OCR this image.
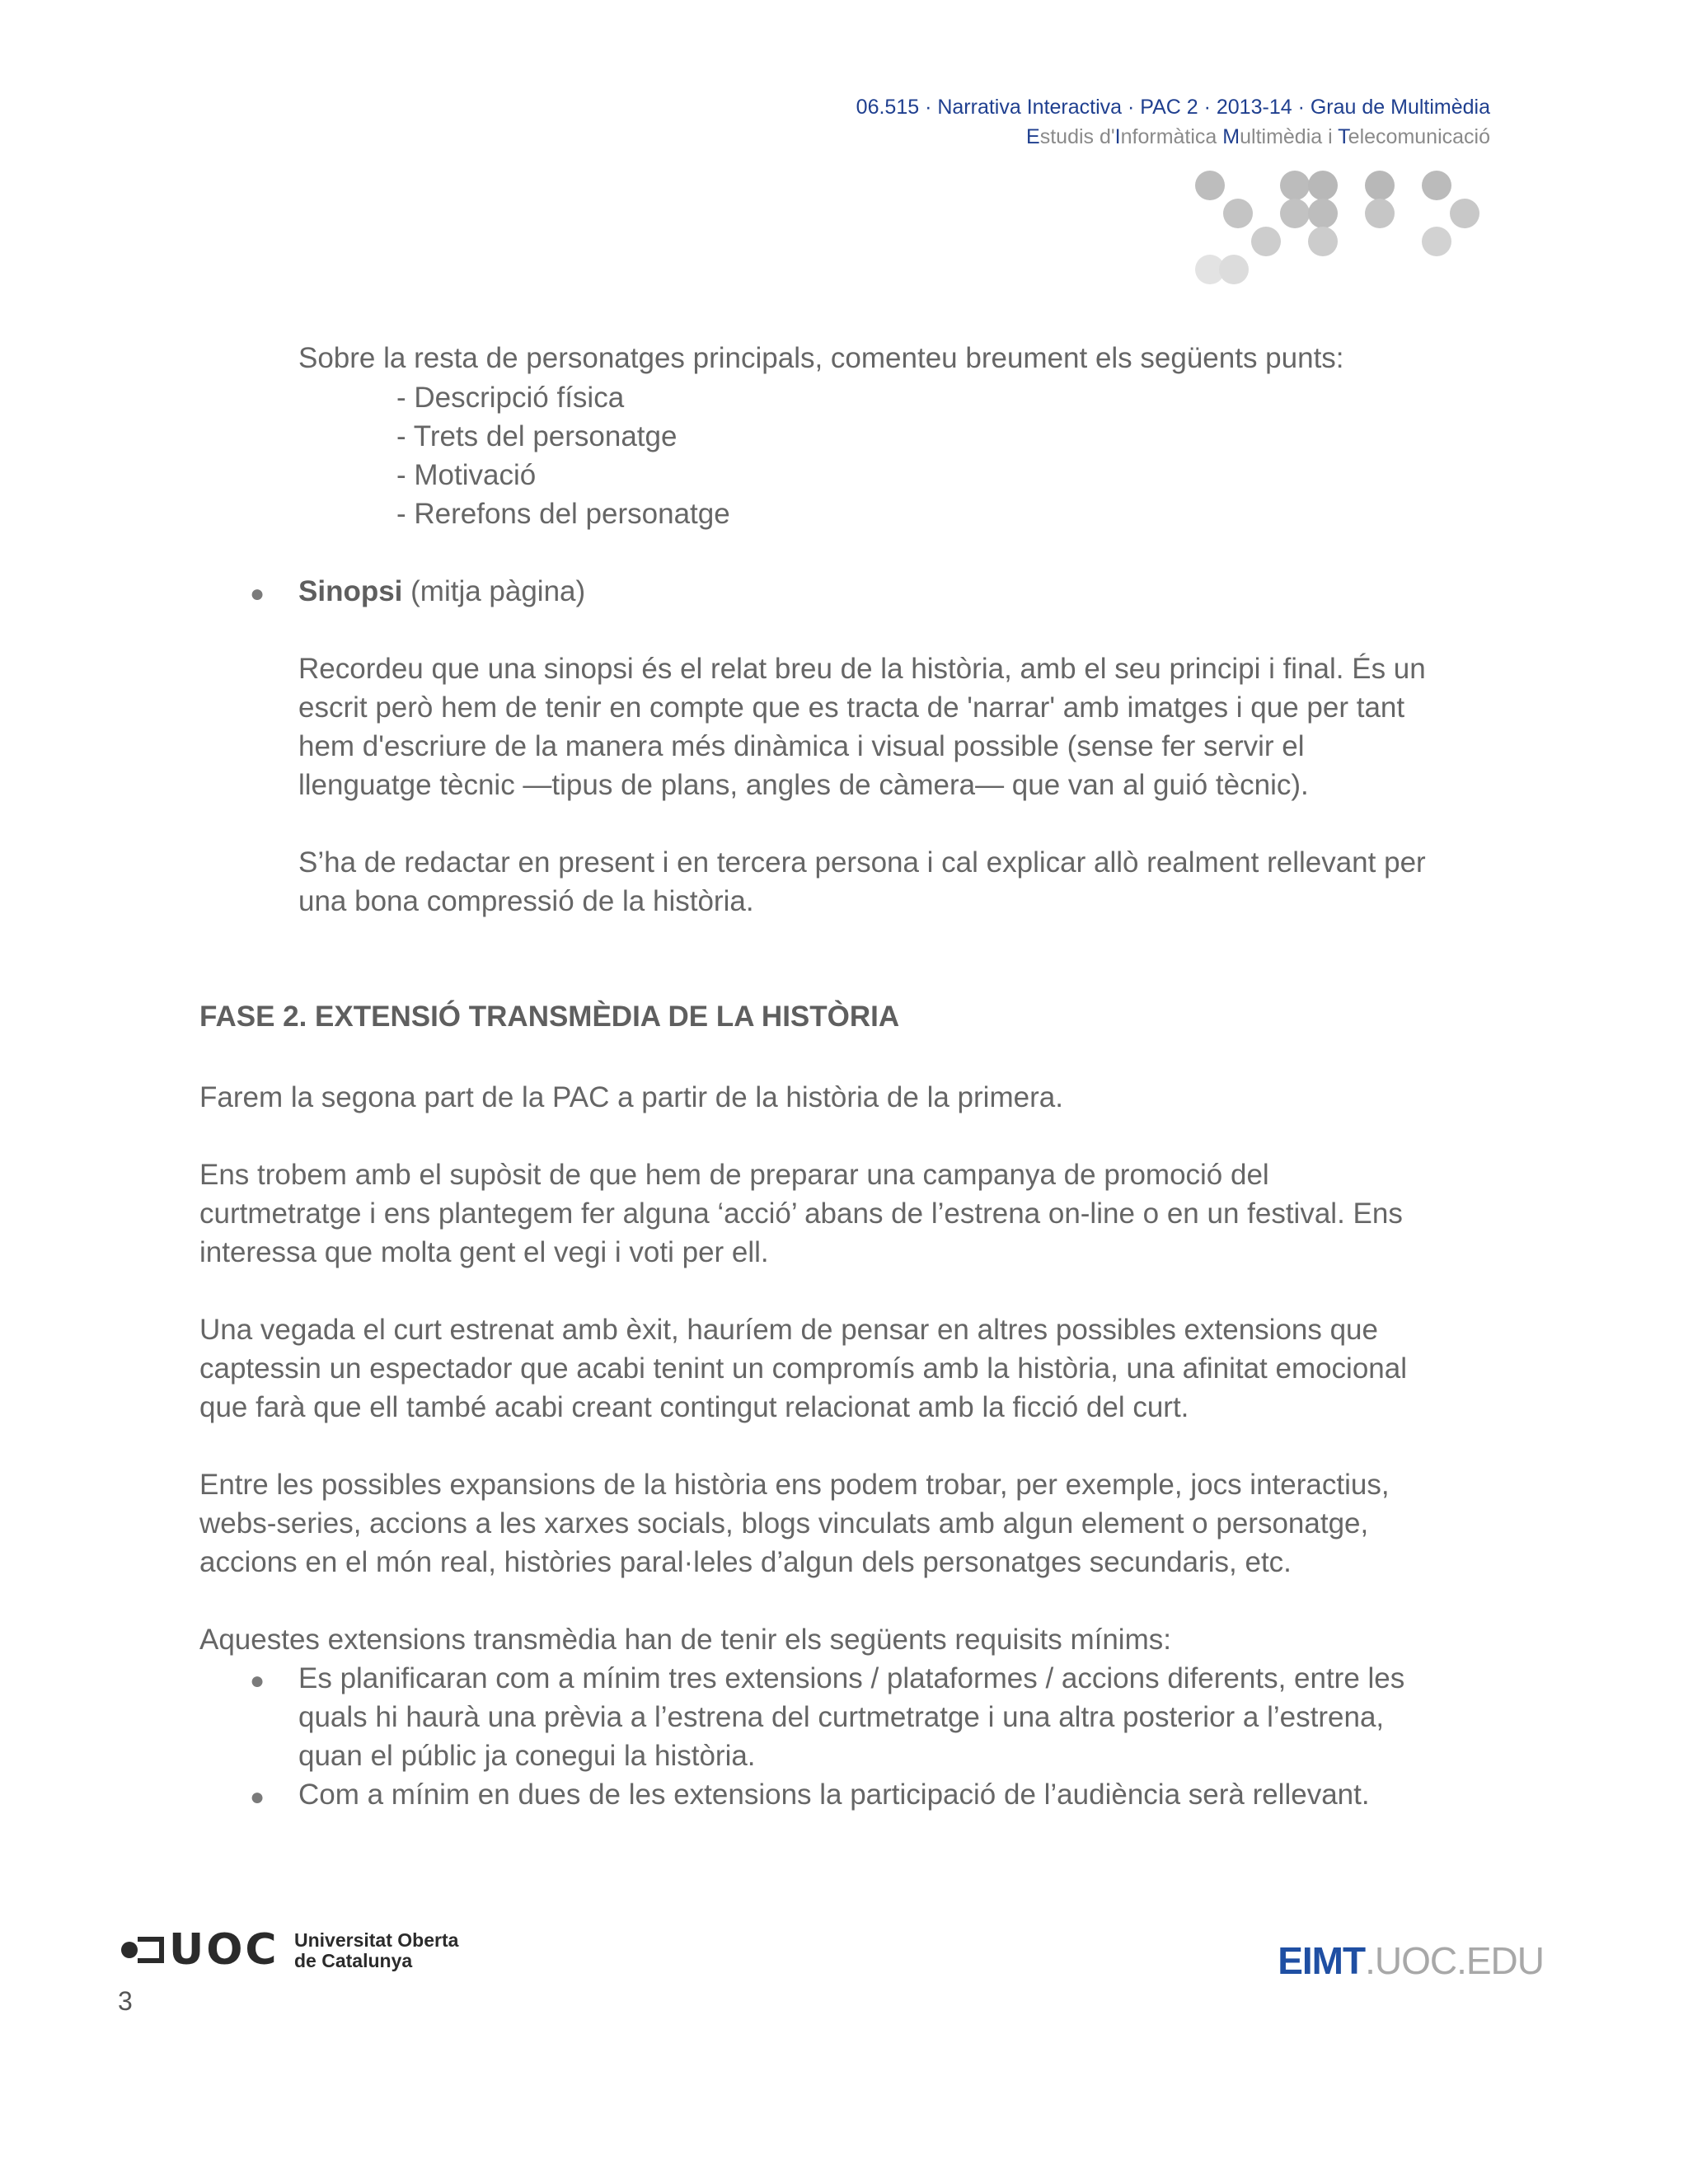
06.515 · Narrativa Interactiva · PAC 2 · 2013-14 · Grau de Multimèdia
Estudis d'Informàtica Multimèdia i Telecomunicació
Sobre la resta de personatges principals, comenteu breument els següents punts:
- Descripció física
- Trets del personatge
- Motivació
- Rerefons del personatge
● Sinopsi (mitja pàgina)
Recordeu que una sinopsi és el relat breu de la història, amb el seu principi i final. És un
escrit però hem de tenir en compte que es tracta de 'narrar' amb imatges i que per tant
hem d'escriure de la manera més dinàmica i visual possible (sense fer servir el
llenguatge tècnic —tipus de plans, angles de càmera— que van al guió tècnic).
S’ha de redactar en present i en tercera persona i cal explicar allò realment rellevant per
una bona compressió de la història.
FASE 2. EXTENSIÓ TRANSMÈDIA DE LA HISTÒRIA
Farem la segona part de la PAC a partir de la història de la primera.
Ens trobem amb el supòsit de que hem de preparar una campanya de promoció del
curtmetratge i ens plantegem fer alguna ‘acció’ abans de l’estrena on-line o en un festival. Ens
interessa que molta gent el vegi i voti per ell.
Una vegada el curt estrenat amb èxit, hauríem de pensar en altres possibles extensions que
captessin un espectador que acabi tenint un compromís amb la història, una afinitat emocional
que farà que ell també acabi creant contingut relacionat amb la ficció del curt.
Entre les possibles expansions de la història ens podem trobar, per exemple, jocs interactius,
webs-series, accions a les xarxes socials, blogs vinculats amb algun element o personatge,
accions en el món real, històries paral·leles d’algun dels personatges secundaris, etc.
Aquestes extensions transmèdia han de tenir els següents requisits mínims:
● Es planificaran com a mínim tres extensions / plataformes / accions diferents, entre les
quals hi haurà una prèvia a l’estrena del curtmetratge i una altra posterior a l’estrena,
quan el públic ja conegui la història.
● Com a mínim en dues de les extensions la participació de l’audiència serà rellevant.
UOC Universitat Oberta
de Catalunya	EIMT.UOC.EDU
3
